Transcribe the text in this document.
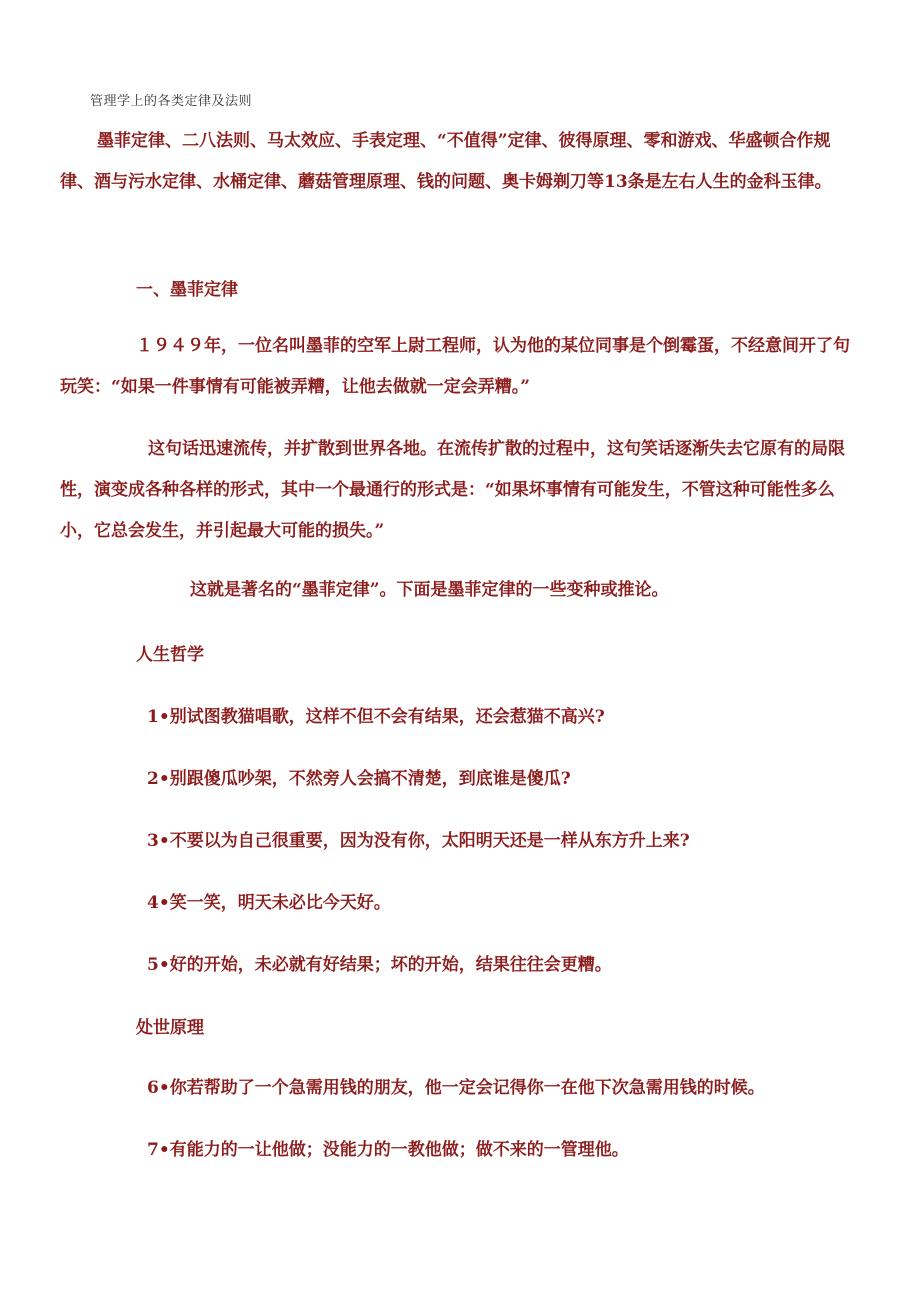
管理学上的各类定律及法则
墨菲定律、二八法则、马太效应、手表定理、“不值得”定律、彼得原理、零和游戏、华盛顿合作规律、酒与污水定律、水桶定律、蘑菇管理原理、钱的问题、奥卡姆剃刀等13条是左右人生的金科玉律。
一、墨菲定律
１９４９年，一位名叫墨菲的空军上尉工程师，认为他的某位同事是个倒霉蛋，不经意间开了句玩笑：“如果一件事情有可能被弄糟，让他去做就一定会弄糟。”
这句话迅速流传，并扩散到世界各地。在流传扩散的过程中，这句笑话逐渐失去它原有的局限性，演变成各种各样的形式，其中一个最通行的形式是：“如果坏事情有可能发生，不管这种可能性多么小，它总会发生，并引起最大可能的损失。”
这就是著名的“墨菲定律”。下面是墨菲定律的一些变种或推论。
人生哲学
1•别试图教猫唱歌，这样不但不会有结果，还会惹猫不高兴?
2•别跟傻瓜吵架，不然旁人会搞不清楚，到底谁是傻瓜?
3•不要以为自己很重要，因为没有你，太阳明天还是一样从东方升上来?
4•笑一笑，明天未必比今天好。
5•好的开始，未必就有好结果；坏的开始，结果往往会更糟。
处世原理
6•你若帮助了一个急需用钱的朋友，他一定会记得你一在他下次急需用钱的时候。
7•有能力的一让他做；没能力的一教他做；做不来的一管理他。
